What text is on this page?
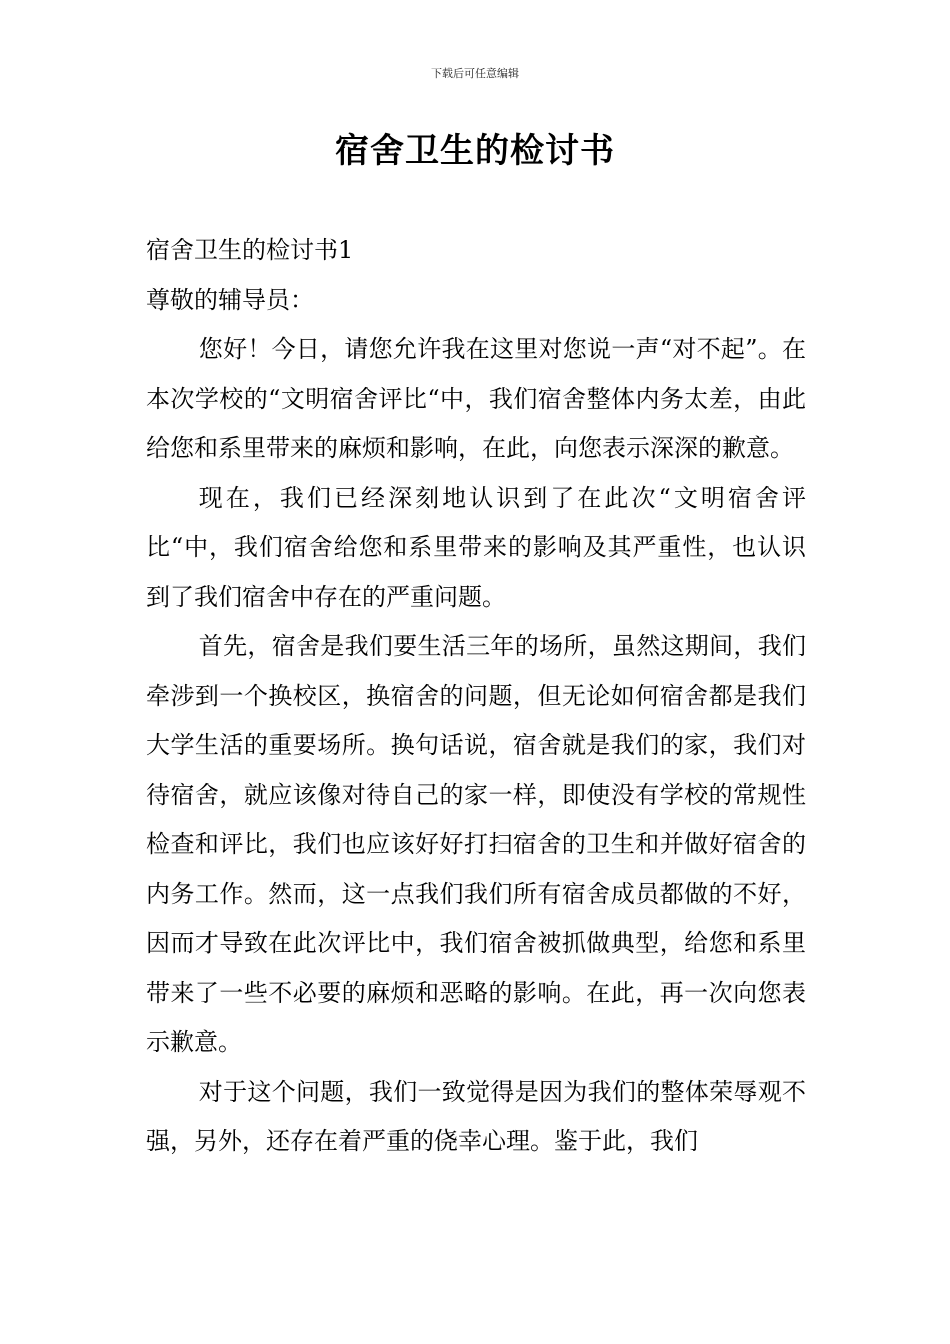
下载后可任意编辑
宿舍卫生的检讨书

宿舍卫生的检讨书1

尊敬的辅导员：

您好！今日，请您允许我在这里对您说一声“对不起”。在本次学校的“文明宿舍评比“中，我们宿舍整体内务太差，由此给您和系里带来的麻烦和影响，在此，向您表示深深的歉意。

现在，我们已经深刻地认识到了在此次“文明宿舍评比“中，我们宿舍给您和系里带来的影响及其严重性，也认识到了我们宿舍中存在的严重问题。

首先，宿舍是我们要生活三年的场所，虽然这期间，我们牵涉到一个换校区，换宿舍的问题，但无论如何宿舍都是我们大学生活的重要场所。换句话说，宿舍就是我们的家，我们对待宿舍，就应该像对待自己的家一样，即使没有学校的常规性检查和评比，我们也应该好好打扫宿舍的卫生和并做好宿舍的内务工作。然而，这一点我们我们所有宿舍成员都做的不好，因而才导致在此次评比中，我们宿舍被抓做典型，给您和系里带来了一些不必要的麻烦和恶略的影响。在此，再一次向您表示歉意。

对于这个问题，我们一致觉得是因为我们的整体荣辱观不强，另外，还存在着严重的侥幸心理。鉴于此，我们
